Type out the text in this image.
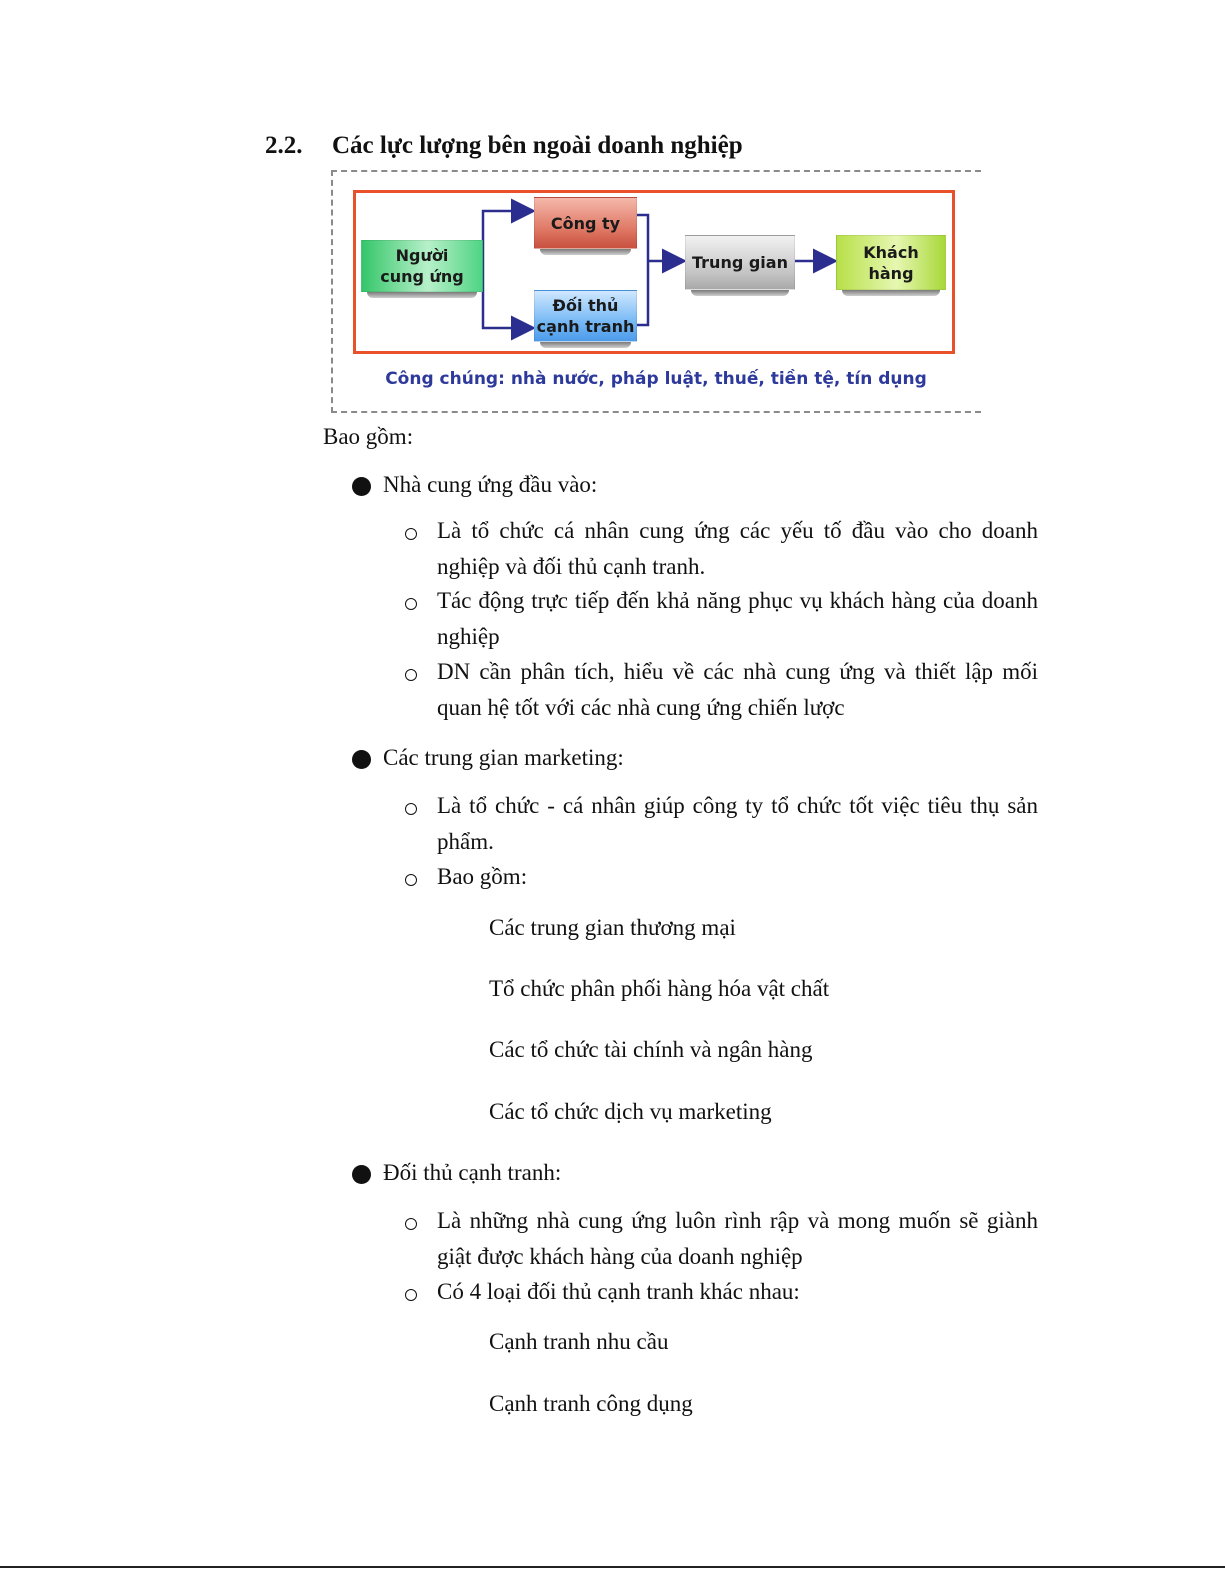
2.2. Các lực lượng bên ngoài doanh nghiệp
Người
cung ứng
Công ty
Đối thủ
cạnh tranh
Trung gian
Khách
hàng
Công chúng: nhà nước, pháp luật, thuế, tiền tệ, tín dụng
Bao gồm:
Nhà cung ứng đầu vào:
Là tổ chức cá nhân cung ứng các yếu tố đầu vào cho doanh nghiệp và đối thủ cạnh tranh.
Tác động trực tiếp đến khả năng phục vụ khách hàng của doanh nghiệp
DN cần phân tích, hiểu về các nhà cung ứng và thiết lập mối quan hệ tốt với các nhà cung ứng chiến lược
Các trung gian marketing:
Là tổ chức - cá nhân giúp công ty tổ chức tốt việc tiêu thụ sản phẩm.
Bao gồm:
Các trung gian thương mại
Tổ chức phân phối hàng hóa vật chất
Các tổ chức tài chính và ngân hàng
Các tổ chức dịch vụ marketing
Đối thủ cạnh tranh:
Là những nhà cung ứng luôn rình rập và mong muốn sẽ giành giật được khách hàng của doanh nghiệp
Có 4 loại đối thủ cạnh tranh khác nhau:
Cạnh tranh nhu cầu
Cạnh tranh công dụng
